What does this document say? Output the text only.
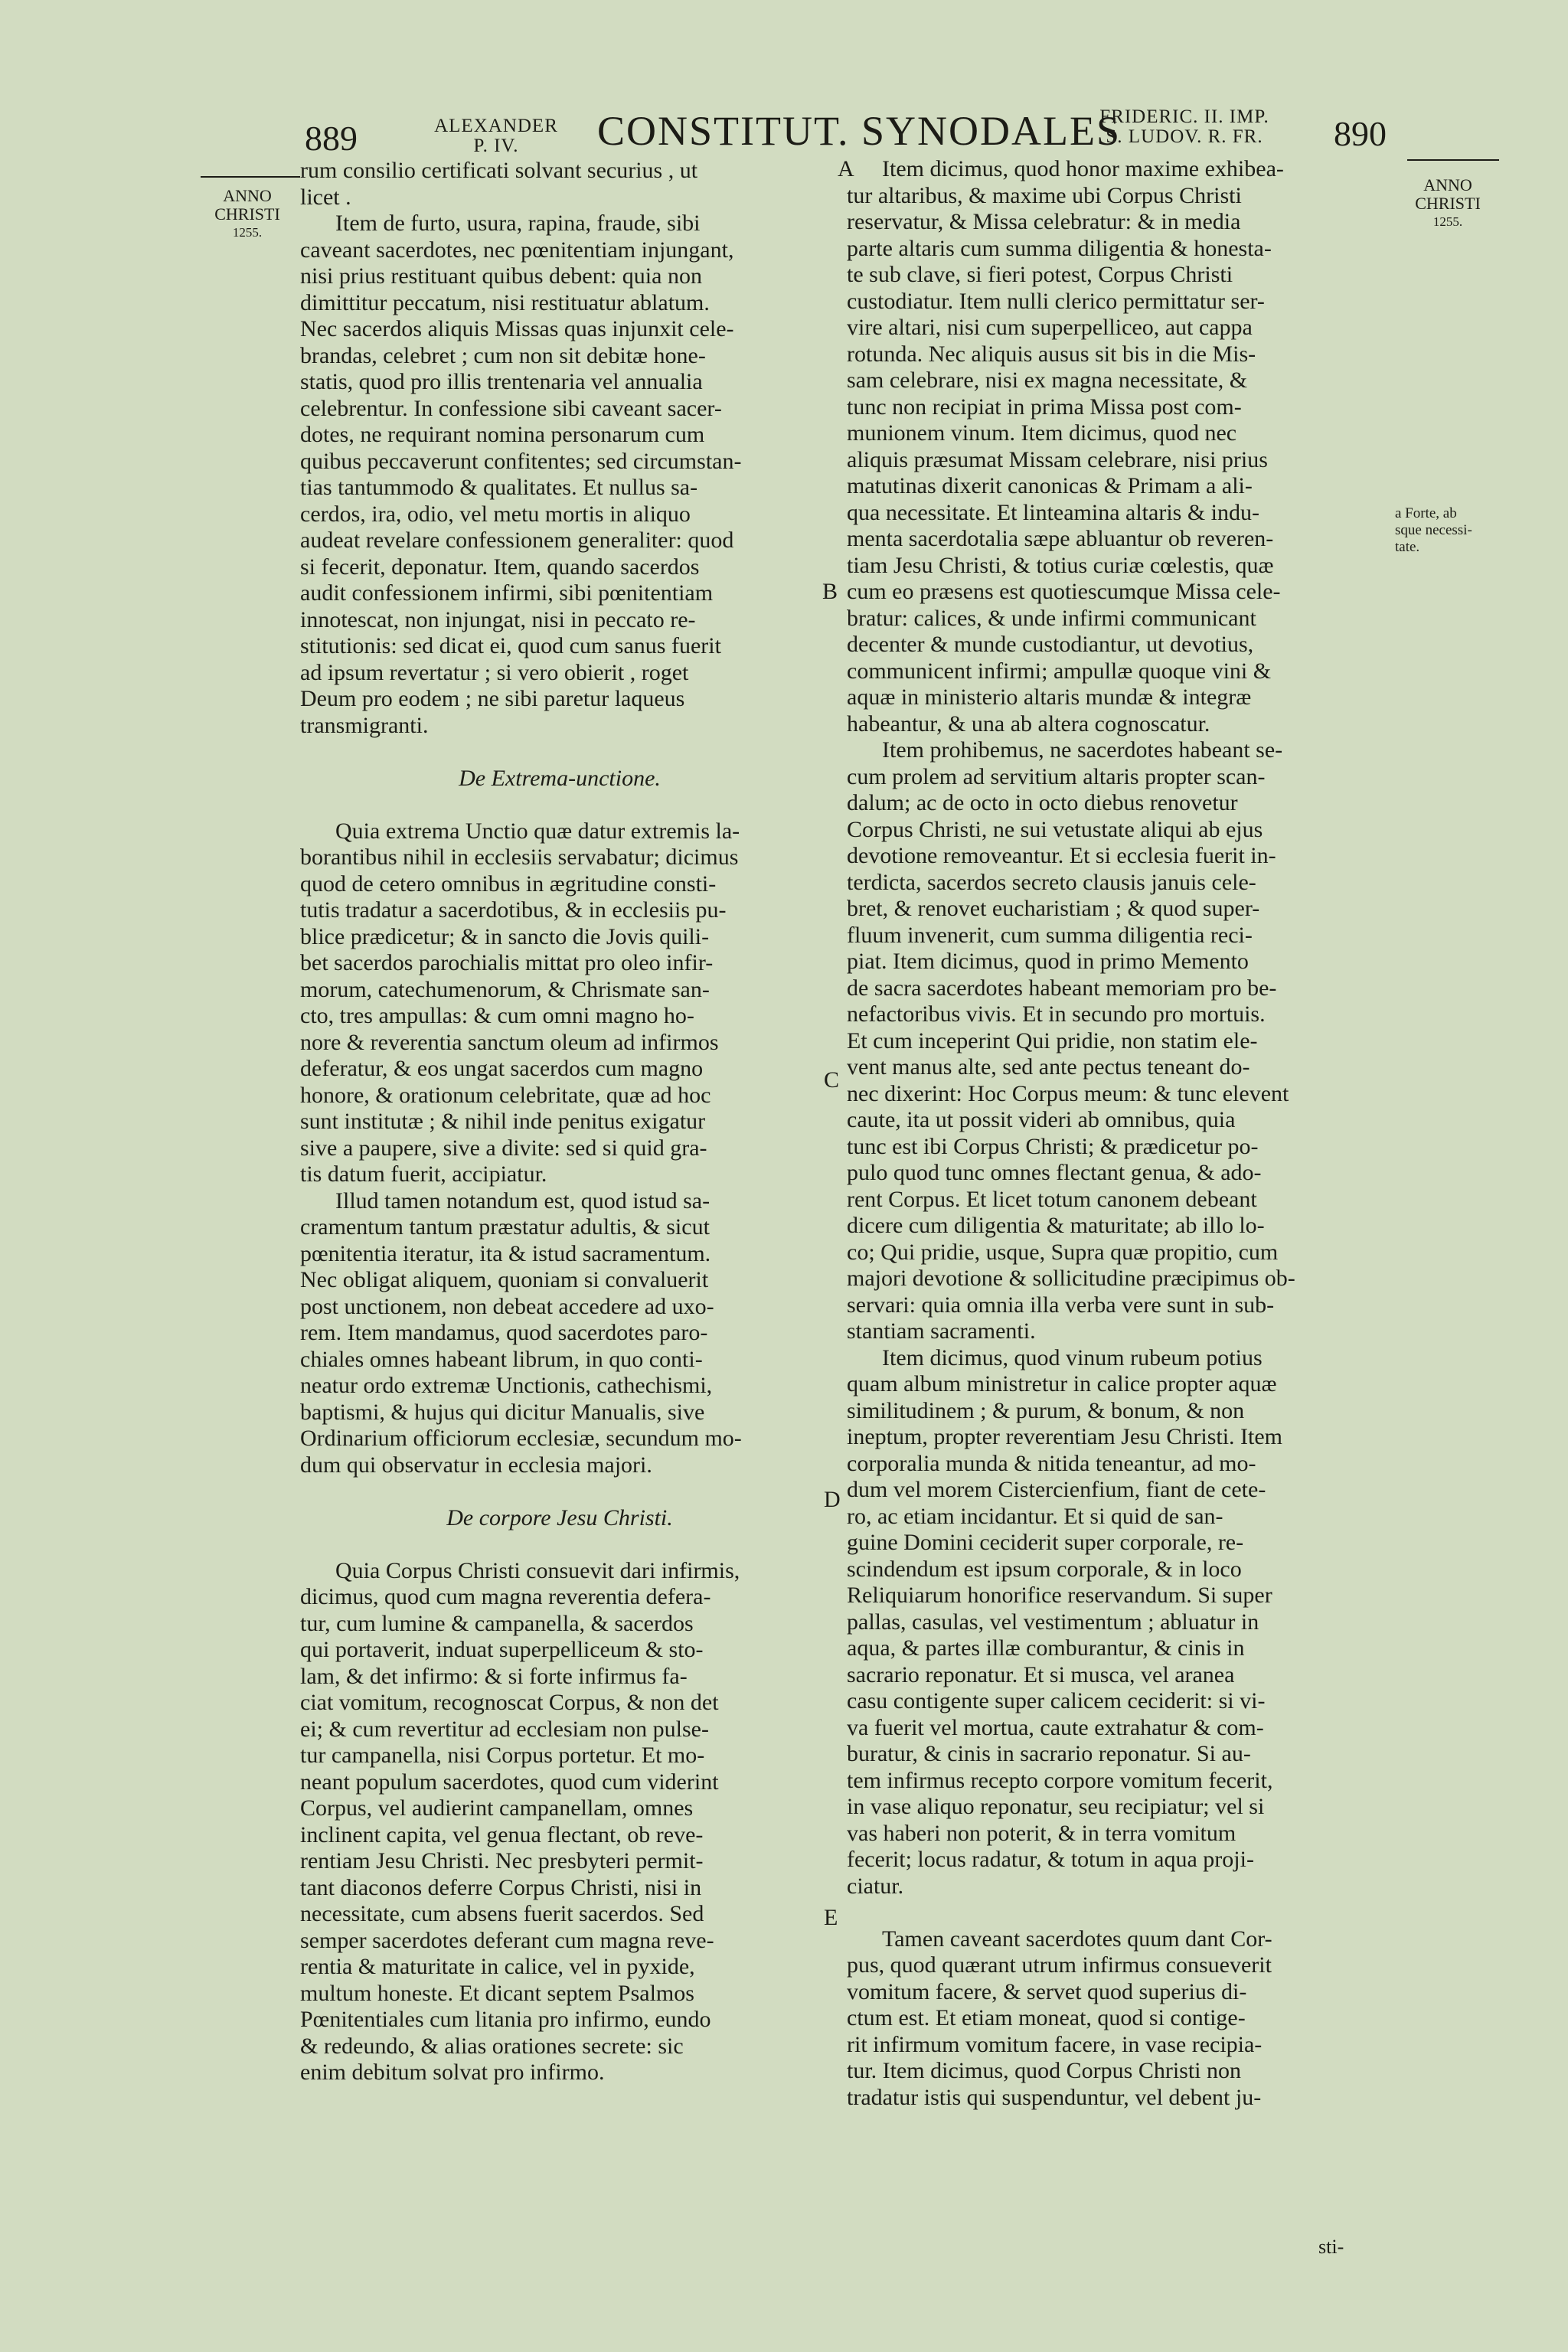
889	ALEXANDER
P. IV.	CONSTITUT. SYNODALES
FRIDERIC. II. IMP.
S. LUDOV. R. FR.	890
ANNO
CHRISTI
1255.
ANNO
CHRISTI
1255.
A
B
C
D
E
a Forte, ab
sque necessi-
tate.

rum consilio certificati solvant securius , ut

licet .

Item de furto, usura, rapina, fraude, sibi

caveant sacerdotes, nec pœnitentiam injungant,

nisi prius restituant quibus debent: quia non

dimittitur peccatum, nisi restituatur ablatum.

Nec sacerdos aliquis Missas quas injunxit cele-

brandas, celebret ; cum non sit debitæ hone-

statis, quod pro illis trentenaria vel annualia

celebrentur. In confessione sibi caveant sacer-

dotes, ne requirant nomina personarum cum

quibus peccaverunt confitentes; sed circumstan-

tias tantummodo & qualitates. Et nullus sa-

cerdos, ira, odio, vel metu mortis in aliquo

audeat revelare confessionem generaliter: quod

si fecerit, deponatur. Item, quando sacerdos

audit confessionem infirmi, sibi pœnitentiam

innotescat, non injungat, nisi in peccato re-

stitutionis: sed dicat ei, quod cum sanus fuerit

ad ipsum revertatur ; si vero obierit , roget

Deum pro eodem ; ne sibi paretur laqueus

transmigranti.

De Extrema-unctione.

Quia extrema Unctio quæ datur extremis la-

borantibus nihil in ecclesiis servabatur; dicimus

quod de cetero omnibus in ægritudine consti-

tutis tradatur a sacerdotibus, & in ecclesiis pu-

blice prædicetur; & in sancto die Jovis quili-

bet sacerdos parochialis mittat pro oleo infir-

morum, catechumenorum, & Chrismate san-

cto, tres ampullas: & cum omni magno ho-

nore & reverentia sanctum oleum ad infirmos

deferatur, & eos ungat sacerdos cum magno

honore, & orationum celebritate, quæ ad hoc

sunt institutæ ; & nihil inde penitus exigatur

sive a paupere, sive a divite: sed si quid gra-

tis datum fuerit, accipiatur.

Illud tamen notandum est, quod istud sa-

cramentum tantum præstatur adultis, & sicut

pœnitentia iteratur, ita & istud sacramentum.

Nec obligat aliquem, quoniam si convaluerit

post unctionem, non debeat accedere ad uxo-

rem. Item mandamus, quod sacerdotes paro-

chiales omnes habeant librum, in quo conti-

neatur ordo extremæ Unctionis, cathechismi,

baptismi, & hujus qui dicitur Manualis, sive

Ordinarium officiorum ecclesiæ, secundum mo-

dum qui observatur in ecclesia majori.

De corpore Jesu Christi.

Quia Corpus Christi consuevit dari infirmis,

dicimus, quod cum magna reverentia defera-

tur, cum lumine & campanella, & sacerdos

qui portaverit, induat superpelliceum & sto-

lam, & det infirmo: & si forte infirmus fa-

ciat vomitum, recognoscat Corpus, & non det

ei; & cum revertitur ad ecclesiam non pulse-

tur campanella, nisi Corpus portetur. Et mo-

neant populum sacerdotes, quod cum viderint

Corpus, vel audierint campanellam, omnes

inclinent capita, vel genua flectant, ob reve-

rentiam Jesu Christi. Nec presbyteri permit-

tant diaconos deferre Corpus Christi, nisi in

necessitate, cum absens fuerit sacerdos. Sed

semper sacerdotes deferant cum magna reve-

rentia & maturitate in calice, vel in pyxide,

multum honeste. Et dicant septem Psalmos

Pœnitentiales cum litania pro infirmo, eundo

& redeundo, & alias orationes secrete: sic

enim debitum solvat pro infirmo.

Item dicimus, quod honor maxime exhibea-

tur altaribus, & maxime ubi Corpus Christi

reservatur, & Missa celebratur: & in media

parte altaris cum summa diligentia & honesta-

te sub clave, si fieri potest, Corpus Christi

custodiatur. Item nulli clerico permittatur ser-

vire altari, nisi cum superpelliceo, aut cappa

rotunda. Nec aliquis ausus sit bis in die Mis-

sam celebrare, nisi ex magna necessitate, &

tunc non recipiat in prima Missa post com-

munionem vinum. Item dicimus, quod nec

aliquis præsumat Missam celebrare, nisi prius

matutinas dixerit canonicas & Primam a ali-

qua necessitate. Et linteamina altaris & indu-

menta sacerdotalia sæpe abluantur ob reveren-

tiam Jesu Christi, & totius curiæ cœlestis, quæ

cum eo præsens est quotiescumque Missa cele-

bratur: calices, & unde infirmi communicant

decenter & munde custodiantur, ut devotius,

communicent infirmi; ampullæ quoque vini &

aquæ in ministerio altaris mundæ & integræ

habeantur, & una ab altera cognoscatur.

Item prohibemus, ne sacerdotes habeant se-

cum prolem ad servitium altaris propter scan-

dalum; ac de octo in octo diebus renovetur

Corpus Christi, ne sui vetustate aliqui ab ejus

devotione removeantur. Et si ecclesia fuerit in-

terdicta, sacerdos secreto clausis januis cele-

bret, & renovet eucharistiam ; & quod super-

fluum invenerit, cum summa diligentia reci-

piat. Item dicimus, quod in primo Memento

de sacra sacerdotes habeant memoriam pro be-

nefactoribus vivis. Et in secundo pro mortuis.

Et cum inceperint Qui pridie, non statim ele-

vent manus alte, sed ante pectus teneant do-

nec dixerint: Hoc Corpus meum: & tunc elevent

caute, ita ut possit videri ab omnibus, quia

tunc est ibi Corpus Christi; & prædicetur po-

pulo quod tunc omnes flectant genua, & ado-

rent Corpus. Et licet totum canonem debeant

dicere cum diligentia & maturitate; ab illo lo-

co; Qui pridie, usque, Supra quæ propitio, cum

majori devotione & sollicitudine præcipimus ob-

servari: quia omnia illa verba vere sunt in sub-

stantiam sacramenti.

Item dicimus, quod vinum rubeum potius

quam album ministretur in calice propter aquæ

similitudinem ; & purum, & bonum, & non

ineptum, propter reverentiam Jesu Christi. Item

corporalia munda & nitida teneantur, ad mo-

dum vel morem Cistercienfium, fiant de cete-

ro, ac etiam incidantur. Et si quid de san-

guine Domini ceciderit super corporale, re-

scindendum est ipsum corporale, & in loco

Reliquiarum honorifice reservandum. Si super

pallas, casulas, vel vestimentum ; abluatur in

aqua, & partes illæ comburantur, & cinis in

sacrario reponatur. Et si musca, vel aranea

casu contigente super calicem ceciderit: si vi-

va fuerit vel mortua, caute extrahatur & com-

buratur, & cinis in sacrario reponatur. Si au-

tem infirmus recepto corpore vomitum fecerit,

in vase aliquo reponatur, seu recipiatur; vel si

vas haberi non poterit, & in terra vomitum

fecerit; locus radatur, & totum in aqua proji-

ciatur.

Tamen caveant sacerdotes quum dant Cor-

pus, quod quærant utrum infirmus consueverit

vomitum facere, & servet quod superius di-

ctum est. Et etiam moneat, quod si contige-

rit infirmum vomitum facere, in vase recipia-

tur. Item dicimus, quod Corpus Christi non

tradatur istis qui suspenduntur, vel debent ju-

sti-
